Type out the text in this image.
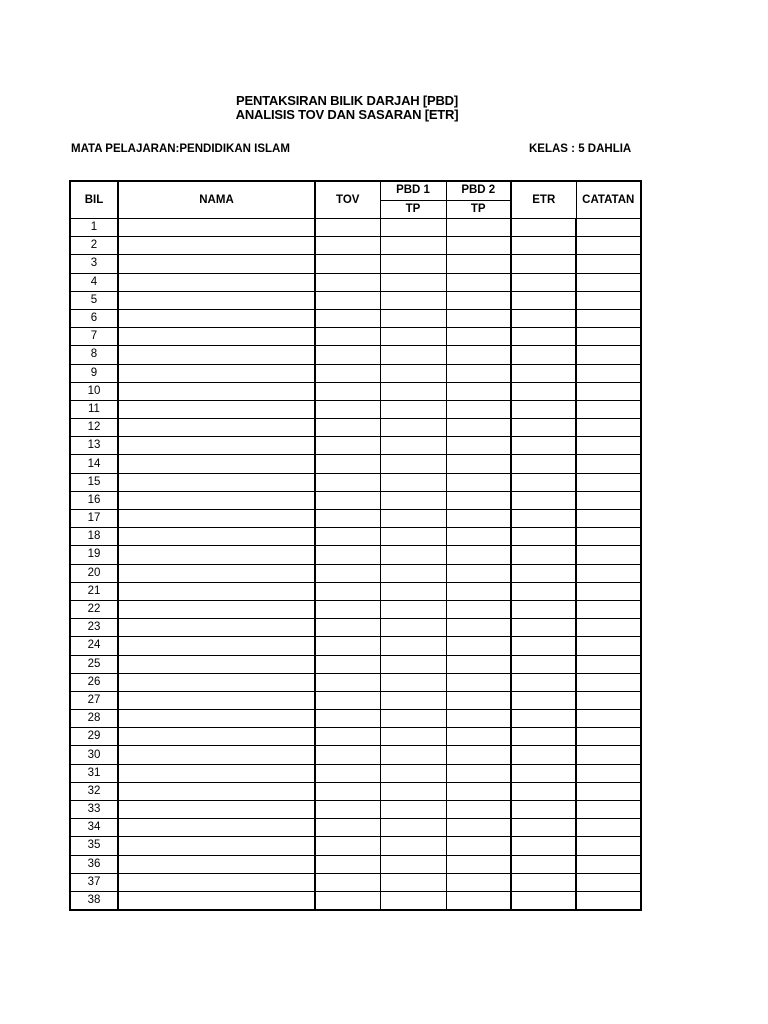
PENTAKSIRAN BILIK DARJAH [PBD]
ANALISIS TOV DAN SASARAN [ETR]
MATA PELAJARAN:PENDIDIKAN ISLAM	KELAS : 5 DAHLIA
BIL	NAMA	TOV	PBD 1	PBD 2	ETR	CATATAN
			TP	TP		
1						
2						
3						
4						
5						
6						
7						
8						
9						
10						
11						
12						
13						
14						
15						
16						
17						
18						
19						
20						
21						
22						
23						
24						
25						
26						
27						
28						
29						
30						
31						
32						
33						
34						
35						
36						
37						
38						
